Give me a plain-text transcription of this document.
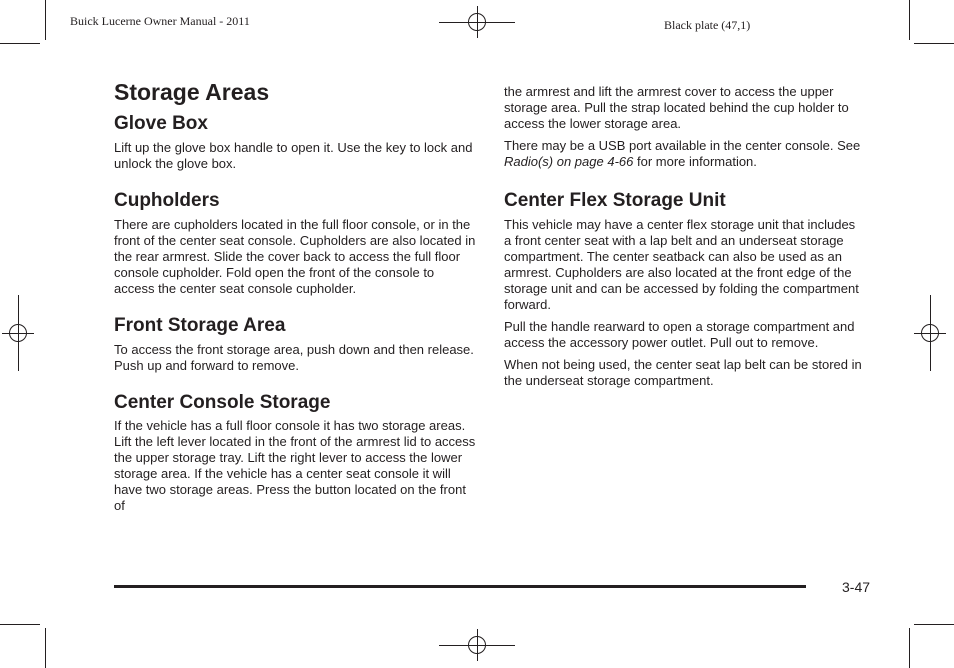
Buick Lucerne Owner Manual - 2011	Black plate (47,1)
Storage Areas
Glove Box

Lift up the glove box handle to open it. Use the key to lock and unlock the glove box.

Cupholders

There are cupholders located in the full floor console, or in the front of the center seat console. Cupholders are also located in the rear armrest. Slide the cover back to access the full floor console cupholder. Fold open the front of the console to access the center seat console cupholder.

Front Storage Area

To access the front storage area, push down and then release. Push up and forward to remove.

Center Console Storage

If the vehicle has a full floor console it has two storage areas. Lift the left lever located in the front of the armrest lid to access the upper storage tray. Lift the right lever to access the lower storage area. If the vehicle has a center seat console it will have two storage areas. Press the button located on the front of

the armrest and lift the armrest cover to access the upper storage area. Pull the strap located behind the cup holder to access the lower storage area.

There may be a USB port available in the center console. See Radio(s) on page 4-66 for more information.

Center Flex Storage Unit

This vehicle may have a center flex storage unit that includes a front center seat with a lap belt and an underseat storage compartment. The center seatback can also be used as an armrest. Cupholders are also located at the front edge of the storage unit and can be accessed by folding the compartment forward.

Pull the handle rearward to open a storage compartment and access the accessory power outlet. Pull out to remove.

When not being used, the center seat lap belt can be stored in the underseat storage compartment.

3-47
